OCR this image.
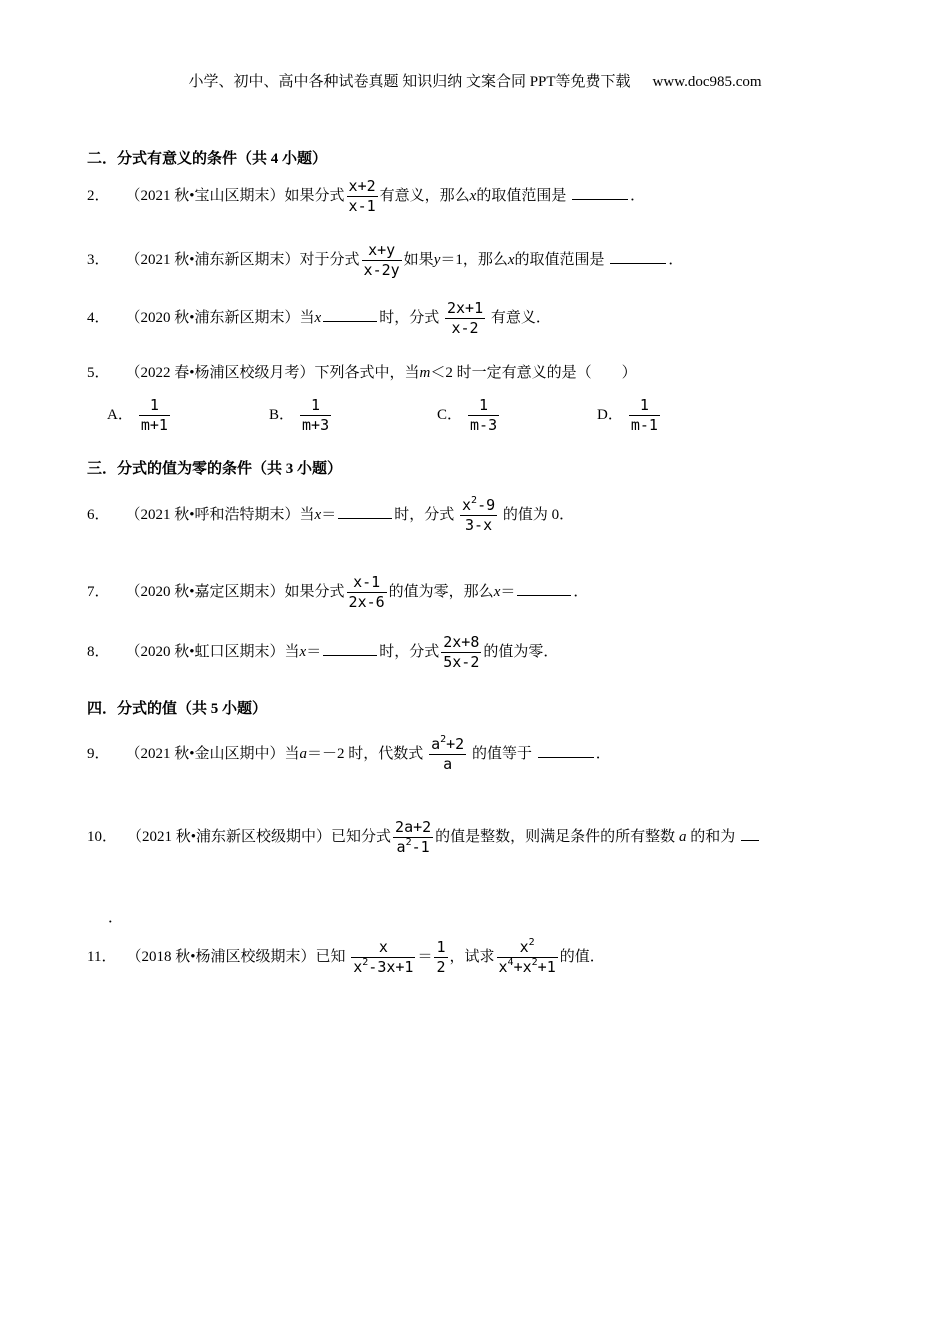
小学、初中、高中各种试卷真题 知识归纳 文案合同 PPT等免费下载 www.doc985.com
二．分式有意义的条件（共 4 小题）
2． （2021 秋•宝山区期末）如果分式 $\frac{x+2}{x-1}$ 有意义，那么x的取值范围是	．
3． （2021 秋•浦东新区期末）对于分式 $\frac{x+y}{x-2y}$ 如果y＝1，那么x的取值范围是	．
4． （2020 秋•浦东新区期末）当x	时，分式 $\frac{2x+1}{x-2}$ 有意义．
5． （2022 春•杨浦区校级月考）下列各式中，当m＜2 时一定有意义的是（　　）
A． $\frac{1}{m+1}$	B． $\frac{1}{m+3}$	C． $\frac{1}{m-3}$	D． $\frac{1}{m-1}$
三．分式的值为零的条件（共 3 小题）
6． （2021 秋•呼和浩特期末）当x＝	时，分式 $\frac{x^2-9}{3-x}$ 的值为 0．
7． （2020 秋•嘉定区期末）如果分式 $\frac{x-1}{2x-6}$ 的值为零，那么x＝	．
8． （2020 秋•虹口区期末）当x＝	时，分式 $\frac{2x+8}{5x-2}$ 的值为零．
四．分式的值（共 5 小题）
9． （2021 秋•金山区期中）当a＝－2 时，代数式 $\frac{a^2+2}{a}$ 的值等于	．
10． （2021 秋•浦东新区校级期中）已知分式 $\frac{2a+2}{a^2-1}$ 的值是整数，则满足条件的所有整数 a 的和为
．
11． （2018 秋•杨浦区校级期末）已知 $\frac{x}{x^2-3x+1} = \frac{1}{2}$ ，试求 $\frac{x^2}{x^4+x^2+1}$ 的值．
